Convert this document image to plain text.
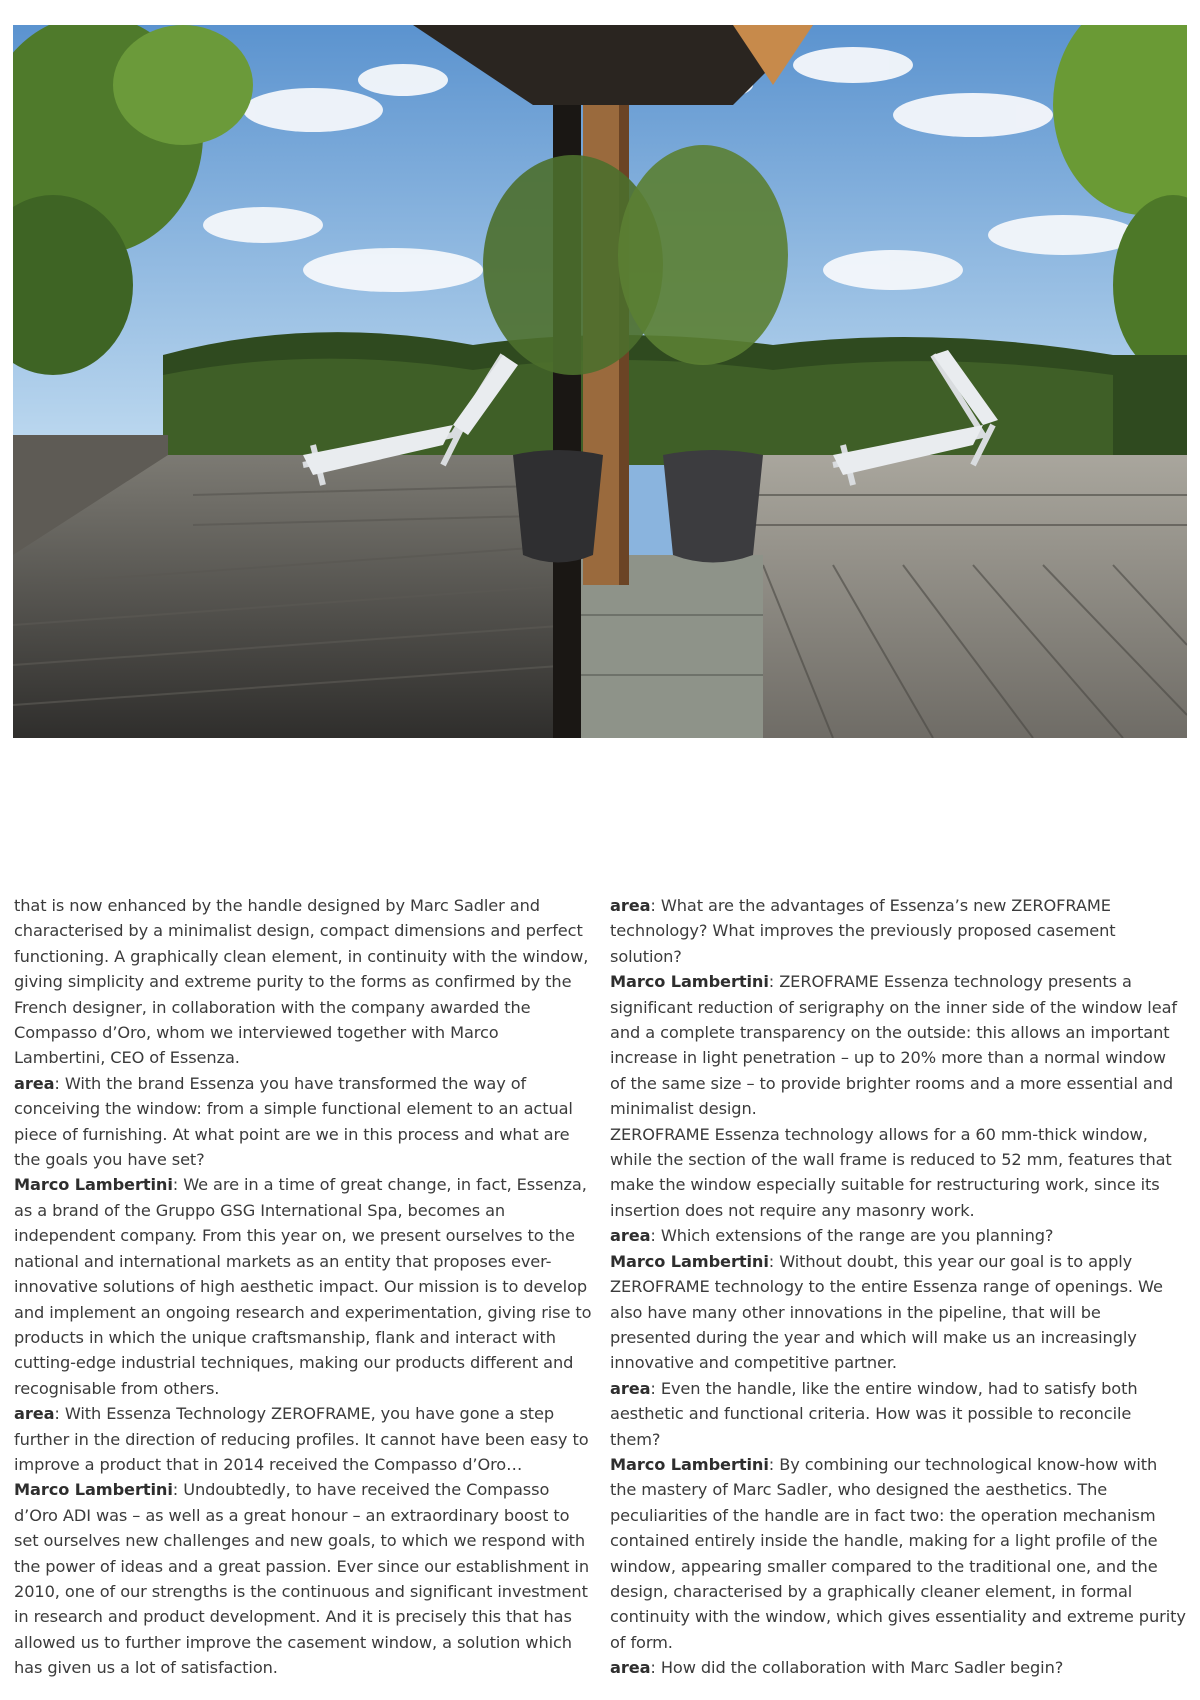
that is now enhanced by the handle designed by Marc Sadler and characterised by a minimalist design, compact dimensions and perfect functioning. A graphically clean element, in continuity with the window, giving simplicity and extreme purity to the forms as confirmed by the French designer, in collaboration with the company awarded the Compasso d’Oro, whom we interviewed together with Marco Lambertini, CEO of Essenza.

area: With the brand Essenza you have transformed the way of conceiving the window: from a simple functional element to an actual piece of furnishing. At what point are we in this process and what are the goals you have set?

Marco Lambertini: We are in a time of great change, in fact, Essenza, as a brand of the Gruppo GSG International Spa, becomes an independent company. From this year on, we present ourselves to the national and international markets as an entity that proposes ever-innovative solutions of high aesthetic impact. Our mission is to develop and implement an ongoing research and experimentation, giving rise to products in which the unique craftsmanship, flank and interact with cutting-edge industrial techniques, making our products different and recognisable from others.

area: With Essenza Technology ZEROFRAME, you have gone a step further in the direction of reducing profiles. It cannot have been easy to improve a product that in 2014 received the Compasso d’Oro…

Marco Lambertini: Undoubtedly, to have received the Compasso d’Oro ADI was – as well as a great honour – an extraordinary boost to set ourselves new challenges and new goals, to which we respond with the power of ideas and a great passion. Ever since our establishment in 2010, one of our strengths is the continuous and significant investment in research and product development. And it is precisely this that has allowed us to further improve the casement window, a solution which has given us a lot of satisfaction.

area: What are the advantages of Essenza’s new ZEROFRAME technology? What improves the previously proposed casement solution?

Marco Lambertini: ZEROFRAME Essenza technology presents a significant reduction of serigraphy on the inner side of the window leaf and a complete transparency on the outside: this allows an important increase in light penetration – up to 20% more than a normal window of the same size – to provide brighter rooms and a more essential and minimalist design.

ZEROFRAME Essenza technology allows for a 60 mm-thick window, while the section of the wall frame is reduced to 52 mm, features that make the window especially suitable for restructuring work, since its insertion does not require any masonry work.

area: Which extensions of the range are you planning?

Marco Lambertini: Without doubt, this year our goal is to apply ZEROFRAME technology to the entire Essenza range of openings. We also have many other innovations in the pipeline, that will be presented during the year and which will make us an increasingly innovative and competitive partner.

area: Even the handle, like the entire window, had to satisfy both aesthetic and functional criteria. How was it possible to reconcile them?

Marco Lambertini: By combining our technological know-how with the mastery of Marc Sadler, who designed the aesthetics. The peculiarities of the handle are in fact two: the operation mechanism contained entirely inside the handle, making for a light profile of the window, appearing smaller compared to the traditional one, and the design, characterised by a graphically cleaner element, in formal continuity with the window, which gives essentiality and extreme purity of form.

area: How did the collaboration with Marc Sadler begin?
